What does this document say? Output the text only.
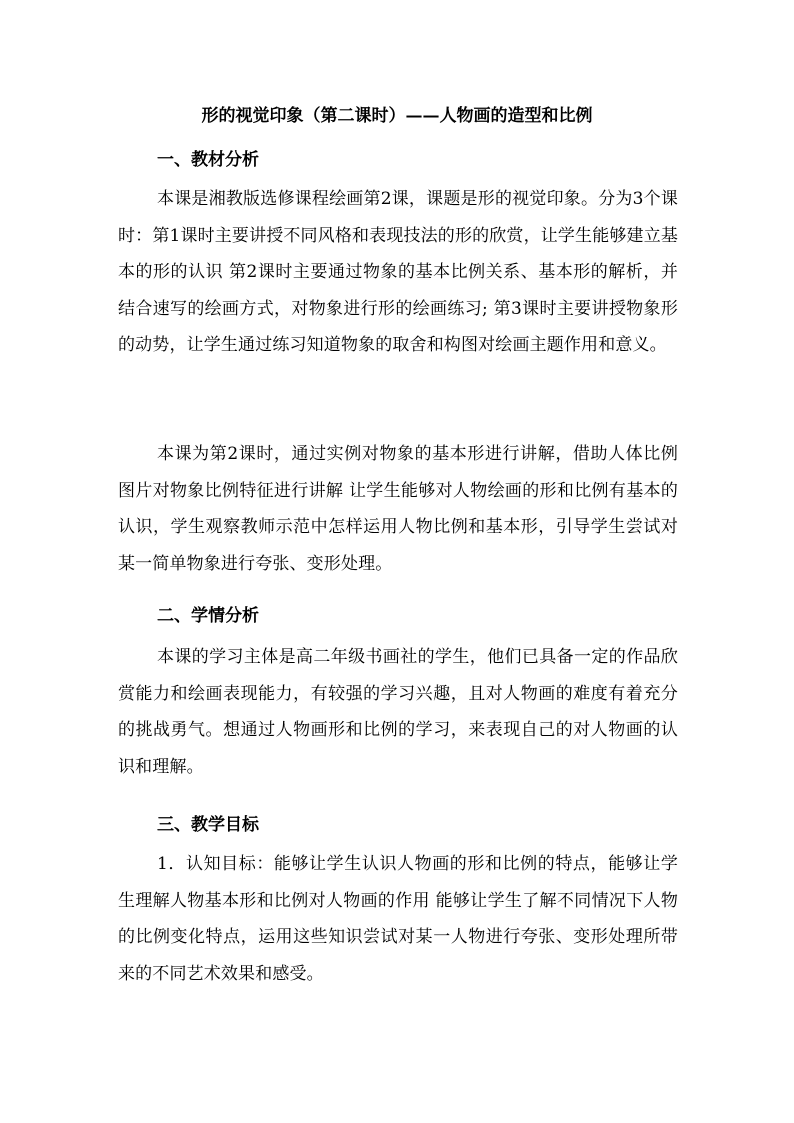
形的视觉印象（第二课时）——人物画的造型和比例
一、教材分析

本课是湘教版选修课程绘画第2课，课题是形的视觉印象。分为3个课时：第1课时主要讲授不同风格和表现技法的形的欣赏，让学生能够建立基本的形的认识 第2课时主要通过物象的基本比例关系、基本形的解析，并结合速写的绘画方式，对物象进行形的绘画练习; 第3课时主要讲授物象形的动势，让学生通过练习知道物象的取舍和构图对绘画主题作用和意义。

本课为第2课时，通过实例对物象的基本形进行讲解，借助人体比例图片对物象比例特征进行讲解 让学生能够对人物绘画的形和比例有基本的认识，学生观察教师示范中怎样运用人物比例和基本形，引导学生尝试对某一简单物象进行夸张、变形处理。

二、学情分析

本课的学习主体是高二年级书画社的学生，他们已具备一定的作品欣赏能力和绘画表现能力，有较强的学习兴趣，且对人物画的难度有着充分的挑战勇气。想通过人物画形和比例的学习，来表现自己的对人物画的认识和理解。

三、教学目标

1．认知目标：能够让学生认识人物画的形和比例的特点，能够让学生理解人物基本形和比例对人物画的作用 能够让学生了解不同情况下人物的比例变化特点，运用这些知识尝试对某一人物进行夸张、变形处理所带来的不同艺术效果和感受。
